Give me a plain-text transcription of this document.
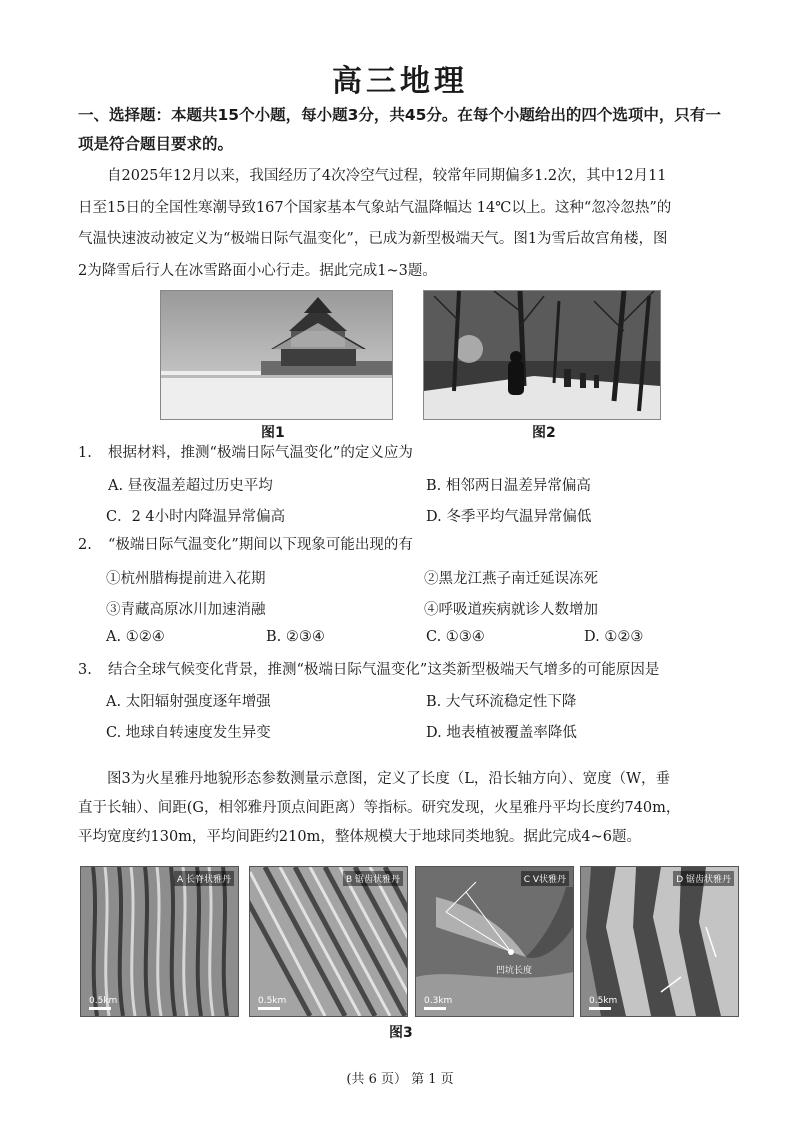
高三地理
一、选择题：本题共15个小题，每小题3分，共45分。在每个小题给出的四个选项中，只有一
项是符合题目要求的。

自2025年12月以来，我国经历了4次冷空气过程，较常年同期偏多1.2次，其中12月11

日至15日的全国性寒潮导致167个国家基本气象站气温降幅达 14℃以上。这种“忽冷忽热”的

气温快速波动被定义为“极端日际气温变化”，已成为新型极端天气。图1为雪后故宫角楼，图

2为降雪后行人在冰雪路面小心行走。据此完成1~3题。

图1	图2
1. 根据材料，推测“极端日际气温变化”的定义应为
A. 昼夜温差超过历史平均	B. 相邻两日温差异常偏高
C．2 4小时内降温异常偏高	D. 冬季平均气温异常偏低
2. “极端日际气温变化”期间以下现象可能出现的有
①杭州腊梅提前进入花期	②黑龙江燕子南迁延误冻死
③青藏高原冰川加速消融	④呼吸道疾病就诊人数增加
A. ①②④	B. ②③④	C. ①③④	D. ①②③
3. 结合全球气候变化背景，推测“极端日际气温变化”这类新型极端天气增多的可能原因是
A. 太阳辐射强度逐年增强	B. 大气环流稳定性下降
C. 地球自转速度发生异变	D. 地表植被覆盖率降低

图3为火星雅丹地貌形态参数测量示意图，定义了长度（L，沿长轴方向）、宽度（W，垂

直于长轴）、间距(G，相邻雅丹顶点间距离）等指标。研究发现，火星雅丹平均长度约740m，

平均宽度约130m，平均间距约210m，整体规模大于地球同类地貌。据此完成4~6题。

A 长脊状雅丹
0.5km
B 锯齿状雅丹
0.5km
C V状雅丹
凹坑长度
0.3km
D 锯齿状雅丹
0.5km
图3
(共 6 页） 第 1 页
